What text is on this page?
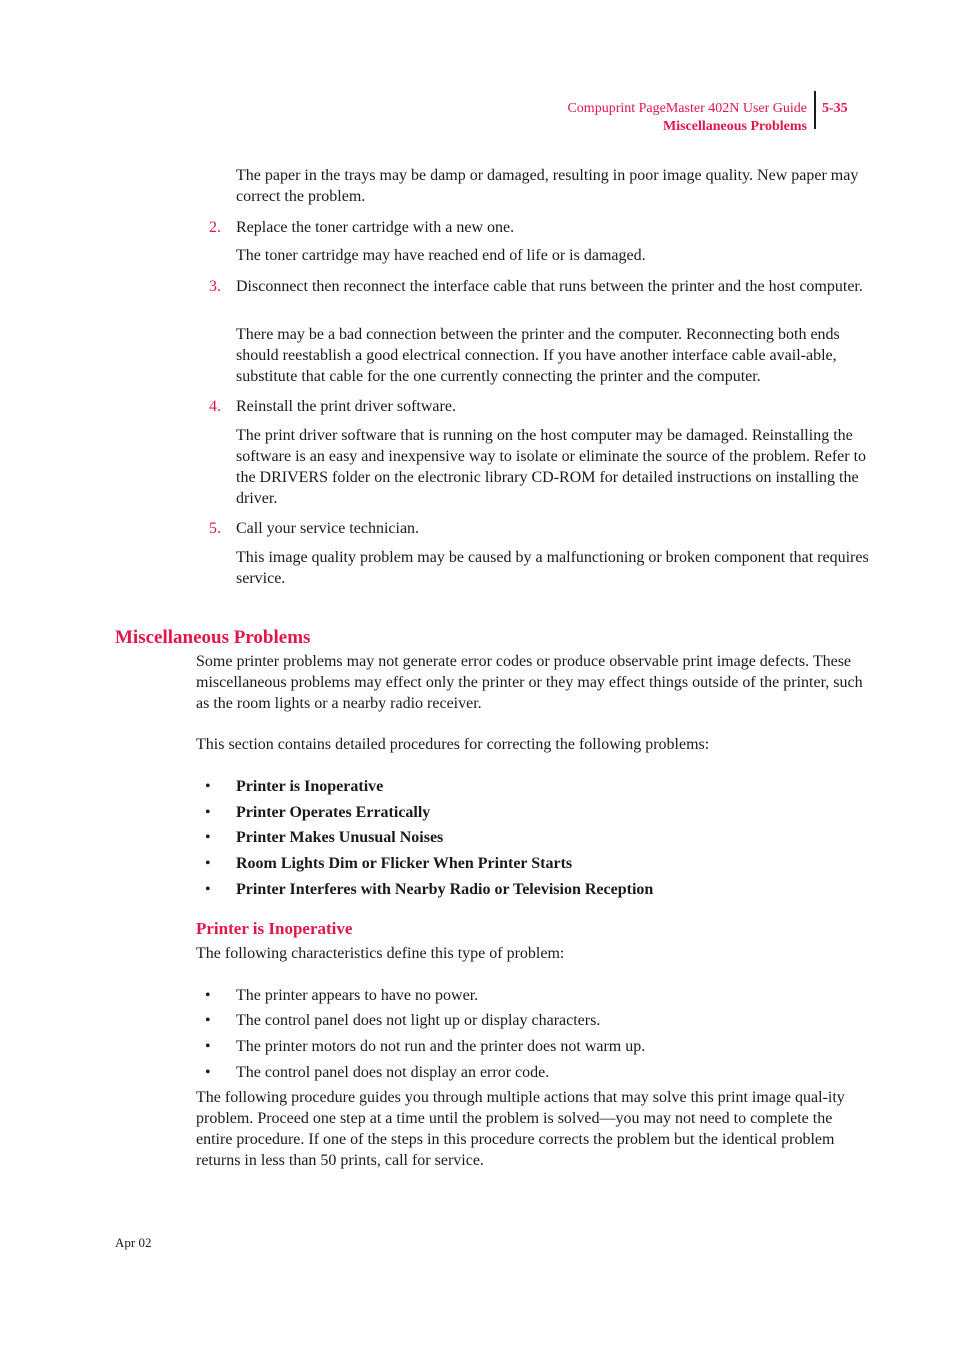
Compuprint PageMaster 402N User Guide
Miscellaneous Problems
5-35

The paper in the trays may be damp or damaged, resulting in poor image quality. New paper may correct the problem.

2. Replace the toner cartridge with a new one.

The toner cartridge may have reached end of life or is damaged.

3. Disconnect then reconnect the interface cable that runs between the printer and the host computer.

There may be a bad connection between the printer and the computer. Reconnecting both ends should reestablish a good electrical connection. If you have another interface cable avail-able, substitute that cable for the one currently connecting the printer and the computer.

4. Reinstall the print driver software.

The print driver software that is running on the host computer may be damaged. Reinstalling the software is an easy and inexpensive way to isolate or eliminate the source of the problem. Refer to the DRIVERS folder on the electronic library CD-ROM for detailed instructions on installing the driver.

5. Call your service technician.

This image quality problem may be caused by a malfunctioning or broken component that requires service.

Miscellaneous Problems

Some printer problems may not generate error codes or produce observable print image defects. These miscellaneous problems may effect only the printer or they may effect things outside of the printer, such as the room lights or a nearby radio receiver.

This section contains detailed procedures for correcting the following problems:

• Printer is Inoperative
• Printer Operates Erratically
• Printer Makes Unusual Noises
• Room Lights Dim or Flicker When Printer Starts
• Printer Interferes with Nearby Radio or Television Reception
Printer is Inoperative

The following characteristics define this type of problem:

• The printer appears to have no power.
• The control panel does not light up or display characters.
• The printer motors do not run and the printer does not warm up.
• The control panel does not display an error code.

The following procedure guides you through multiple actions that may solve this print image qual-ity problem. Proceed one step at a time until the problem is solved—you may not need to complete the entire procedure. If one of the steps in this procedure corrects the problem but the identical problem returns in less than 50 prints, call for service.

Apr 02
